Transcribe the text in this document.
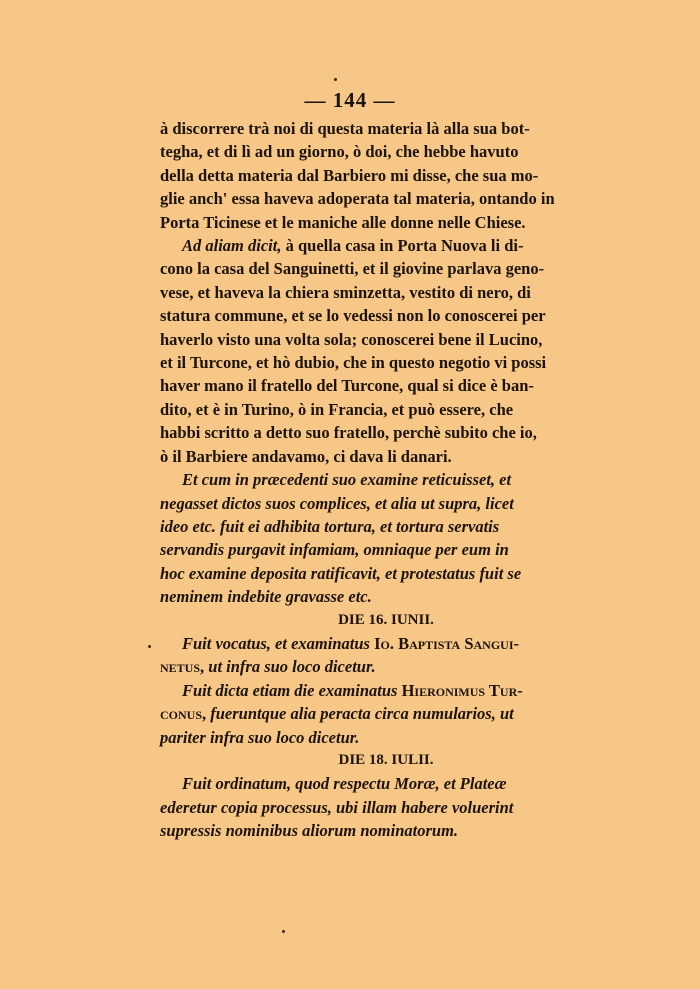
— 144 —

à discorrere trà noi di questa materia là alla sua bot-
tegha, et di lì ad un giorno, ò doi, che hebbe havuto
della detta materia dal Barbiero mi disse, che sua mo-
glie anch' essa haveva adoperata tal materia, ontando in
Porta Ticinese et le maniche alle donne nelle Chiese.

Ad aliam dicit, à quella casa in Porta Nuova li di-
cono la casa del Sanguinetti, et il giovine parlava geno-
vese, et haveva la chiera sminzetta, vestito di nero, di
statura commune, et se lo vedessi non lo conoscerei per
haverlo visto una volta sola; conoscerei bene il Lucino,
et il Turcone, et hò dubio, che in questo negotio vi possi
haver mano il fratello del Turcone, qual si dice è ban-
dito, et è in Turino, ò in Francia, et può essere, che
habbi scritto a detto suo fratello, perchè subito che io,
ò il Barbiere andavamo, ci dava li danari.

Et cum in præcedenti suo examine reticuisset, et
negasset dictos suos complices, et alia ut supra, licet
ideo etc. fuit ei adhibita tortura, et tortura servatis
servandis purgavit infamiam, omniaque per eum in
hoc examine deposita ratificavit, et protestatus fuit se
neminem indebite gravasse etc.

DIE 16. IUNII.

Fuit vocatus, et examinatus Io. Baptista Sangui-
netus, ut infra suo loco dicetur.

Fuit dicta etiam die examinatus Hieronimus Tur-
conus, fueruntque alia peracta circa numularios, ut
pariter infra suo loco dicetur.

DIE 18. IULII.

Fuit ordinatum, quod respectu Moræ, et Plateæ
ederetur copia processus, ubi illam habere voluerint
supressis nominibus aliorum nominatorum.
